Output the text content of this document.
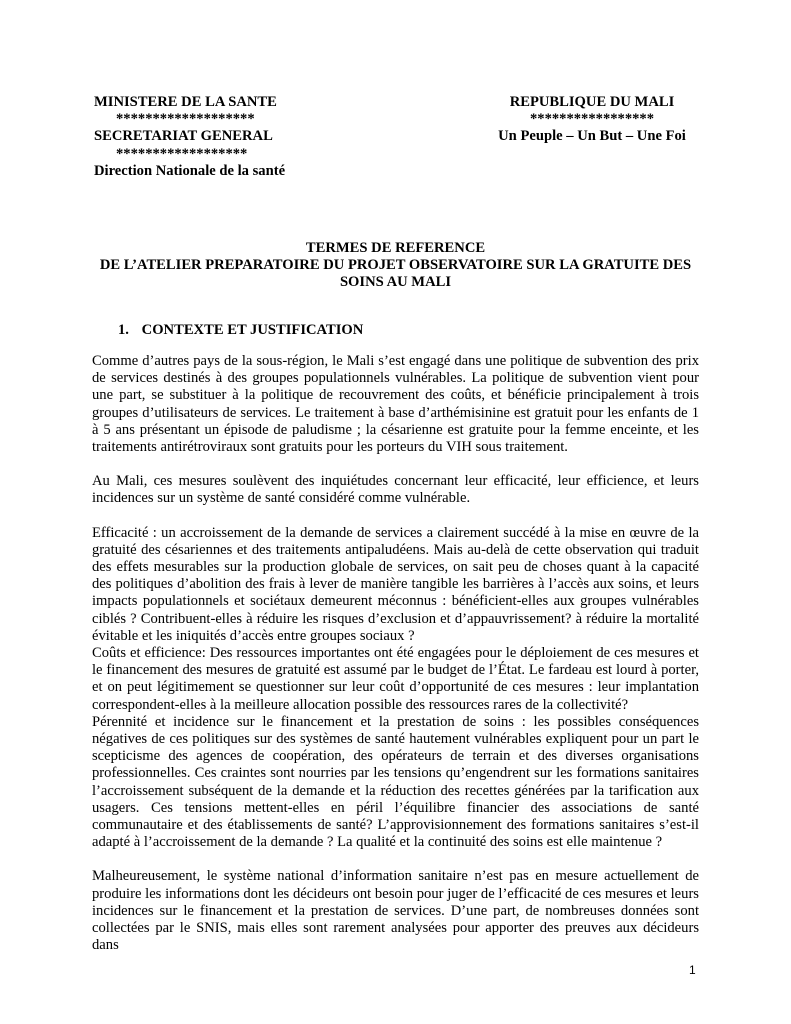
MINISTERE DE LA SANTE
*******************
SECRETARIAT GENERAL
******************
Direction Nationale de la santé
REPUBLIQUE DU MALI
*****************
Un Peuple – Un But – Une Foi
TERMES DE REFERENCE
DE L’ATELIER PREPARATOIRE DU PROJET OBSERVATOIRE SUR LA GRATUITE DES
SOINS AU MALI
1. CONTEXTE ET JUSTIFICATION

Comme d’autres pays de la sous-région, le Mali s’est engagé dans une politique de subvention des prix de services destinés à des groupes populationnels vulnérables. La politique de subvention vient pour une part, se substituer à la politique de recouvrement des coûts, et bénéficie principalement à trois groupes d’utilisateurs de services. Le traitement à base d’arthémisinine est gratuit pour les enfants de 1 à 5 ans présentant un épisode de paludisme ; la césarienne est gratuite pour la femme enceinte, et les traitements antirétroviraux sont gratuits pour les porteurs du VIH sous traitement.

Au Mali, ces mesures soulèvent des inquiétudes concernant leur efficacité, leur efficience, et leurs incidences sur un système de santé considéré comme vulnérable.

Efficacité : un accroissement de la demande de services a clairement succédé à la mise en œuvre de la gratuité des césariennes et des traitements antipaludéens. Mais au-delà de cette observation qui traduit des effets mesurables sur la production globale de services, on sait peu de choses quant à la capacité des politiques d’abolition des frais à lever de manière tangible les barrières à l’accès aux soins, et leurs impacts populationnels et sociétaux demeurent méconnus : bénéficient-elles aux groupes vulnérables ciblés ? Contribuent-elles à réduire les risques d’exclusion et d’appauvrissement? à réduire la mortalité évitable et les iniquités d’accès entre groupes sociaux ?

Coûts et efficience: Des ressources importantes ont été engagées pour le déploiement de ces mesures et le financement des mesures de gratuité est assumé par le budget de l’État. Le fardeau est lourd à porter, et on peut légitimement se questionner sur leur coût d’opportunité de ces mesures : leur implantation correspondent-elles à la meilleure allocation possible des ressources rares de la collectivité?

Pérennité et incidence sur le financement et la prestation de soins : les possibles conséquences négatives de ces politiques sur des systèmes de santé hautement vulnérables expliquent pour un part le scepticisme des agences de coopération, des opérateurs de terrain et des diverses organisations professionnelles. Ces craintes sont nourries par les tensions qu’engendrent sur les formations sanitaires l’accroissement subséquent de la demande et la réduction des recettes générées par la tarification aux usagers. Ces tensions mettent-elles en péril l’équilibre financier des associations de santé communautaire et des établissements de santé? L’approvisionnement des formations sanitaires s’est-il adapté à l’accroissement de la demande ? La qualité et la continuité des soins est elle maintenue ?

Malheureusement, le système national d’information sanitaire n’est pas en mesure actuellement de produire les informations dont les décideurs ont besoin pour juger de l’efficacité de ces mesures et leurs incidences sur le financement et la prestation de services. D’une part, de nombreuses données sont collectées par le SNIS, mais elles sont rarement analysées pour apporter des preuves aux décideurs dans

1
